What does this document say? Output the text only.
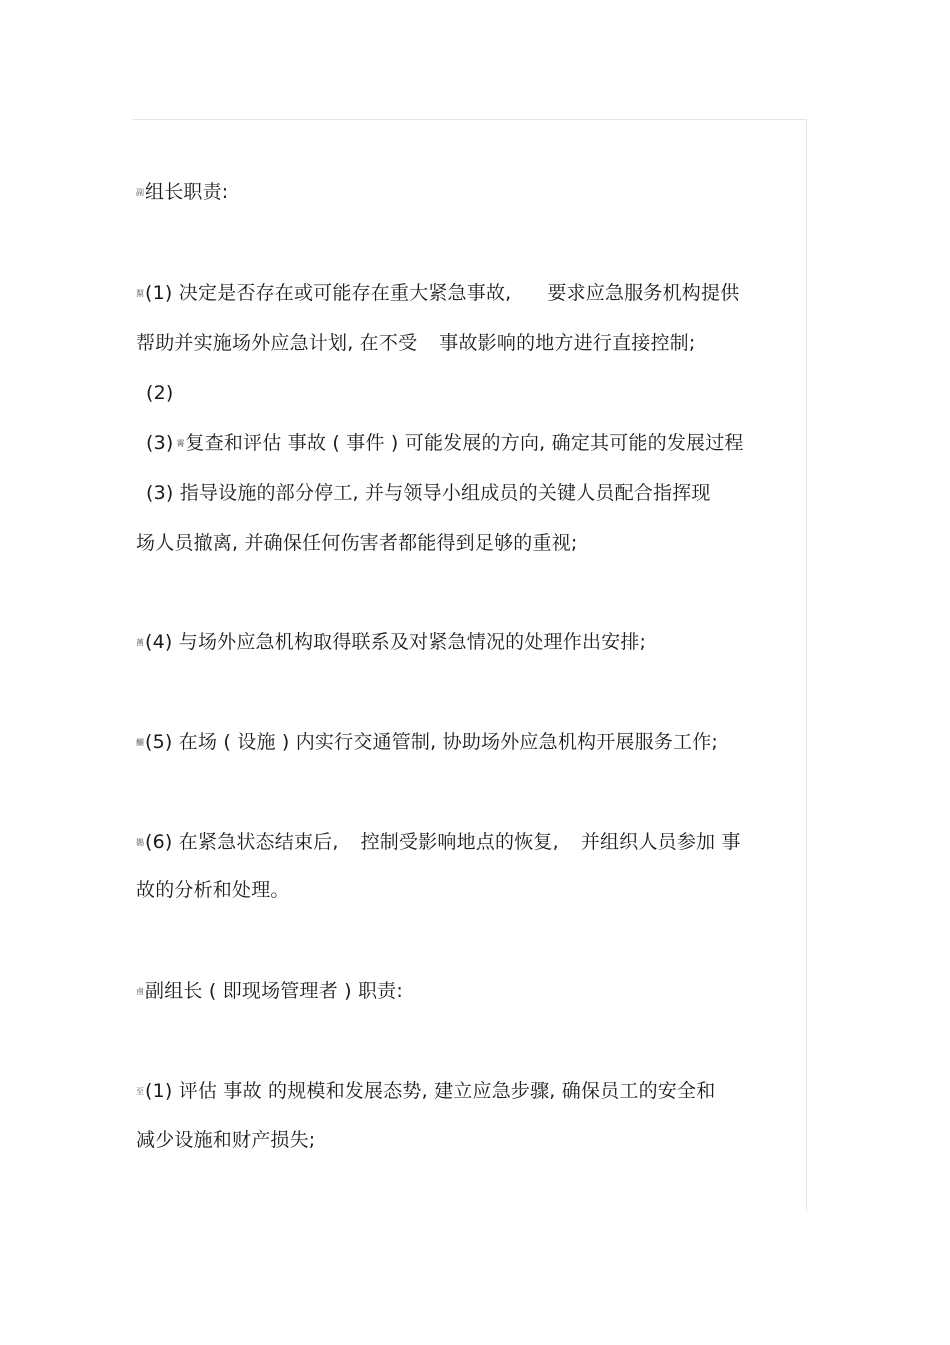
副组长职责:
䵩(1) 决定是否存在或可能存在重大紧急事故, 要求应急服务机构提供
帮助并实施场外应急计划, 在不受 事故影响的地方进行直接控制;
(2)
(3) 䨝复查和评估 事故 ( 事件 ) 可能发展的方向, 确定其可能的发展过程
(3) 指导设施的部分停工, 并与领导小组成员的关键人员配合指挥现
场人员撤离, 并确保任何伤害者都能得到足够的重视;
䓿(4) 与场外应急机构取得联系及对紧急情况的处理作出安排;
鱺(5) 在场 ( 设施 ) 内实行交通管制, 协助场外应急机构开展服务工作;
鷃(6) 在紧急状态结束后, 控制受影响地点的恢复, 并组织人员参加 事
故的分析和处理。
鹵副组长 ( 即现场管理者 ) 职责:
至(1) 评估 事故 的规模和发展态势, 建立应急步骤, 确保员工的安全和
减少设施和财产损失;
